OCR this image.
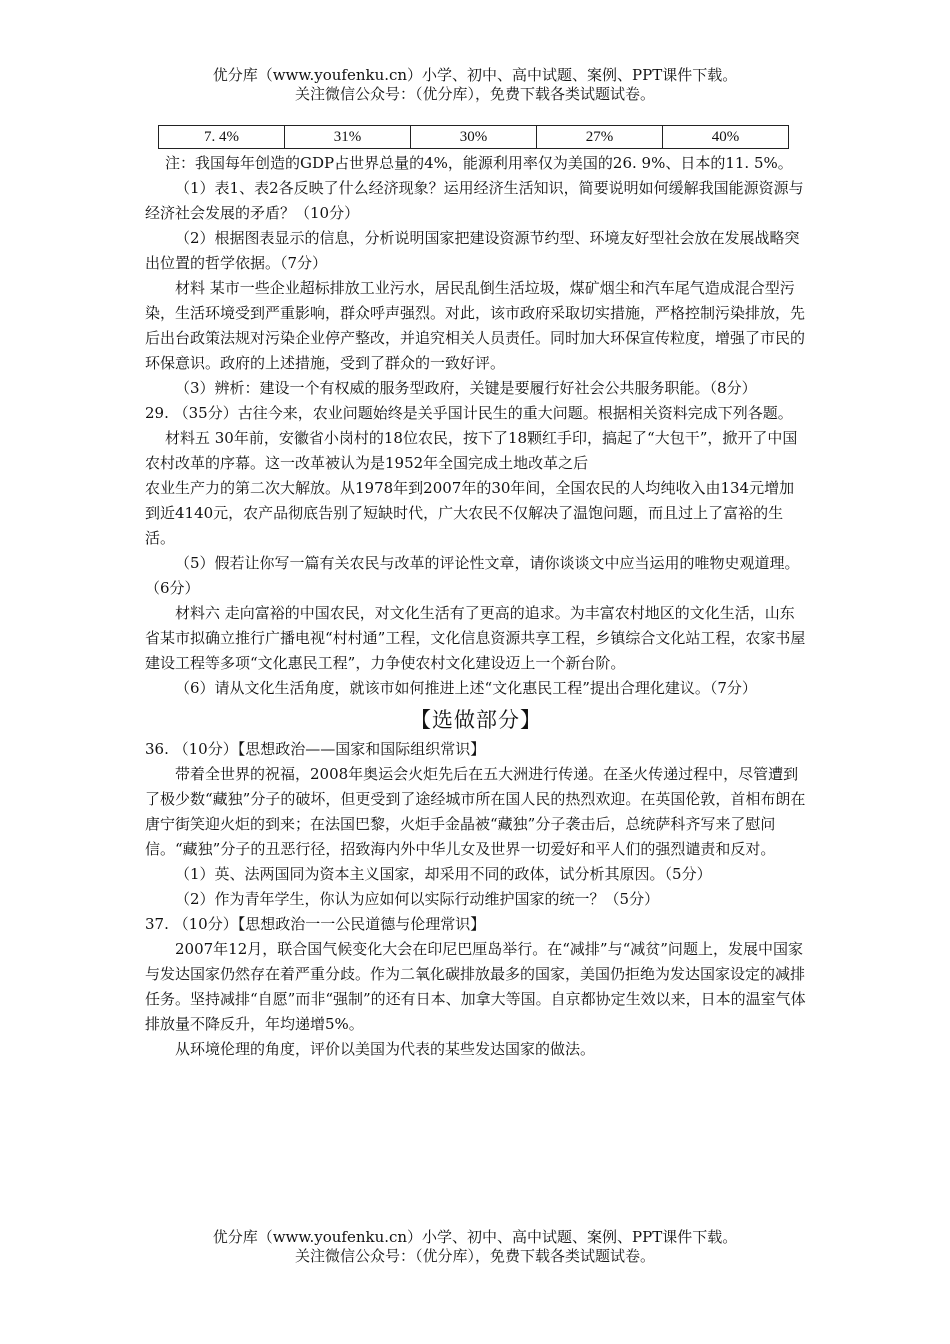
优分库（www.youfenku.cn）小学、初中、高中试题、案例、PPT课件下载。
关注微信公众号：（优分库），免费下载各类试题试卷。
7. 4%	31%	30%	27%	40%

注：我国每年创造的GDP占世界总量的4%，能源利用率仅为美国的26. 9%、日本的11. 5%。

（1）表1、表2各反映了什么经济现象？运用经济生活知识，简要说明如何缓解我国能源资源与经济社会发展的矛盾？（10分）

（2）根据图表显示的信息，分析说明国家把建设资源节约型、环境友好型社会放在发展战略突出位置的哲学依据。（7分）

材料 某市一些企业超标排放工业污水，居民乱倒生活垃圾，煤矿烟尘和汽车尾气造成混合型污染，生活环境受到严重影响，群众呼声强烈。对此，该市政府采取切实措施，严格控制污染排放，先后出台政策法规对污染企业停产整改，并追究相关人员责任。同时加大环保宣传粒度，增强了市民的环保意识。政府的上述措施，受到了群众的一致好评。

（3）辨析：建设一个有权威的服务型政府，关键是要履行好社会公共服务职能。（8分）

29. （35分）古往今来，农业问题始终是关乎国计民生的重大问题。根据相关资料完成下列各题。

材料五 30年前，安徽省小岗村的18位农民，按下了18颗红手印，搞起了“大包干”，掀开了中国农村改革的序幕。这一改革被认为是1952年全国完成土地改革之后

农业生产力的第二次大解放。从1978年到2007年的30年间，全国农民的人均纯收入由134元增加到近4140元，农产品彻底告别了短缺时代，广大农民不仅解决了温饱问题，而且过上了富裕的生活。

（5）假若让你写一篇有关农民与改革的评论性文章，请你谈谈文中应当运用的唯物史观道理。（6分）

材料六 走向富裕的中国农民，对文化生活有了更高的追求。为丰富农村地区的文化生活，山东省某市拟确立推行广播电视“村村通”工程，文化信息资源共享工程，乡镇综合文化站工程，农家书屋建设工程等多项“文化惠民工程”，力争使农村文化建设迈上一个新台阶。

（6）请从文化生活角度，就该市如何推进上述“文化惠民工程”提出合理化建议。（7分）

【选做部分】

36. （10分）【思想政治——国家和国际组织常识】

带着全世界的祝福，2008年奥运会火炬先后在五大洲进行传递。在圣火传递过程中，尽管遭到了极少数“藏独”分子的破坏，但更受到了途经城市所在国人民的热烈欢迎。在英国伦敦，首相布朗在唐宁街笑迎火炬的到来；在法国巴黎，火炬手金晶被“藏独”分子袭击后，总统萨科齐写来了慰问信。“藏独”分子的丑恶行径，招致海内外中华儿女及世界一切爱好和平人们的强烈谴责和反对。

（1）英、法两国同为资本主义国家，却采用不同的政体，试分析其原因。（5分）

（2）作为青年学生，你认为应如何以实际行动维护国家的统一？（5分）

37. （10分）【思想政治一一公民道德与伦理常识】

2007年12月，联合国气候变化大会在印尼巴厘岛举行。在“减排”与“减贫”问题上，发展中国家与发达国家仍然存在着严重分歧。作为二氧化碳排放最多的国家，美国仍拒绝为发达国家设定的减排任务。坚持减排“自愿”而非“强制”的还有日本、加拿大等国。自京都协定生效以来，日本的温室气体排放量不降反升，年均递增5%。

从环境伦理的角度，评价以美国为代表的某些发达国家的做法。

优分库（www.youfenku.cn）小学、初中、高中试题、案例、PPT课件下载。
关注微信公众号：（优分库），免费下载各类试题试卷。
